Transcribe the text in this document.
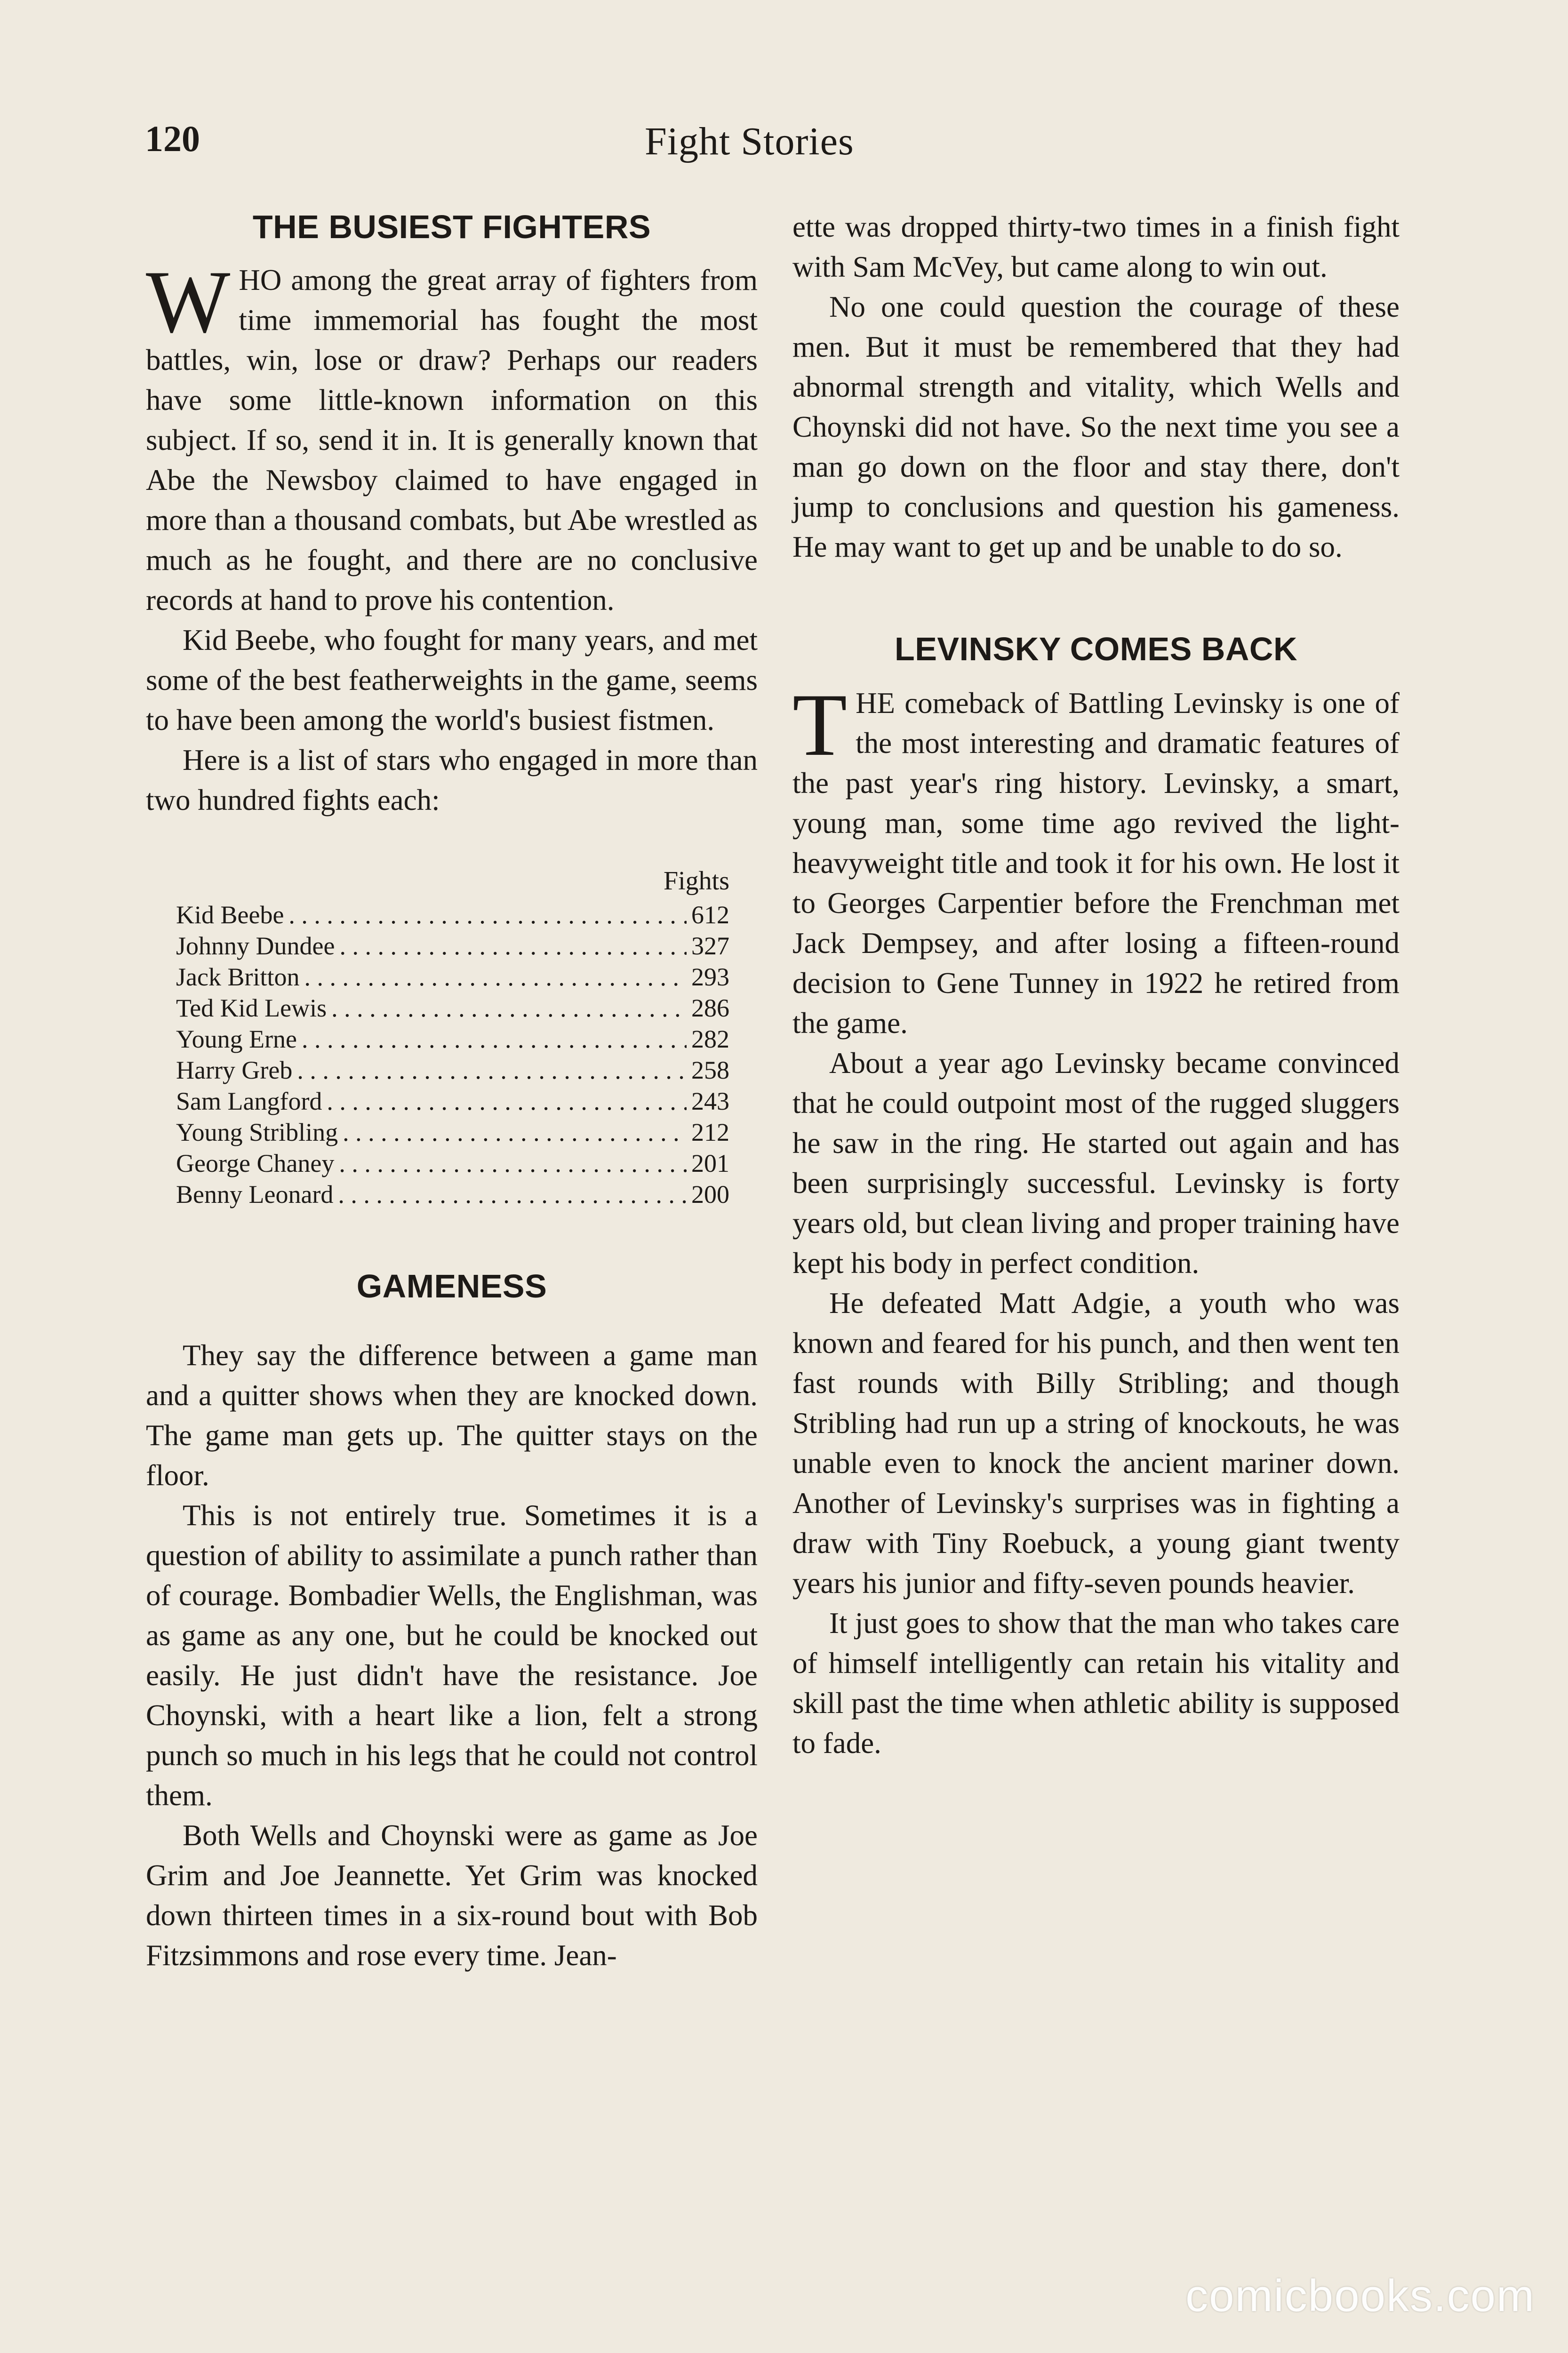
120	Fight Stories
THE BUSIEST FIGHTERS

WHO among the great array of fighters from time immemorial has fought the most battles, win, lose or draw? Perhaps our readers have some little-known information on this subject. If so, send it in. It is generally known that Abe the Newsboy claimed to have engaged in more than a thousand combats, but Abe wrestled as much as he fought, and there are no conclusive records at hand to prove his contention.

Kid Beebe, who fought for many years, and met some of the best featherweights in the game, seems to have been among the world's busiest fistmen.

Here is a list of stars who engaged in more than two hundred fights each:

Fights
Kid Beebe . . .	612
Johnny Dundee . . .	327
Jack Britton . . .	293
Ted Kid Lewis . . .	286
Young Erne . . .	282
Harry Greb . . .	258
Sam Langford . . .	243
Young Stribling . . .	212
George Chaney . . .	201
Benny Leonard . . .	200
GAMENESS

They say the difference between a game man and a quitter shows when they are knocked down. The game man gets up. The quitter stays on the floor.

This is not entirely true. Sometimes it is a question of ability to assimilate a punch rather than of courage. Bombadier Wells, the Englishman, was as game as any one, but he could be knocked out easily. He just didn't have the resistance. Joe Choynski, with a heart like a lion, felt a strong punch so much in his legs that he could not control them.

Both Wells and Choynski were as game as Joe Grim and Joe Jeannette. Yet Grim was knocked down thirteen times in a six-round bout with Bob Fitzsimmons and rose every time. Jean-

ette was dropped thirty-two times in a finish fight with Sam McVey, but came along to win out.

No one could question the courage of these men. But it must be remembered that they had abnormal strength and vitality, which Wells and Choynski did not have. So the next time you see a man go down on the floor and stay there, don't jump to conclusions and question his gameness. He may want to get up and be unable to do so.

LEVINSKY COMES BACK

THE comeback of Battling Levinsky is one of the most interesting and dramatic features of the past year's ring history. Levinsky, a smart, young man, some time ago revived the light-heavyweight title and took it for his own. He lost it to Georges Carpentier before the Frenchman met Jack Dempsey, and after losing a fifteen-round decision to Gene Tunney in 1922 he retired from the game.

About a year ago Levinsky became convinced that he could outpoint most of the rugged sluggers he saw in the ring. He started out again and has been surprisingly successful. Levinsky is forty years old, but clean living and proper training have kept his body in perfect condition.

He defeated Matt Adgie, a youth who was known and feared for his punch, and then went ten fast rounds with Billy Stribling; and though Stribling had run up a string of knockouts, he was unable even to knock the ancient mariner down. Another of Levinsky's surprises was in fighting a draw with Tiny Roebuck, a young giant twenty years his junior and fifty-seven pounds heavier.

It just goes to show that the man who takes care of himself intelligently can retain his vitality and skill past the time when athletic ability is supposed to fade.

comicbooks.com
